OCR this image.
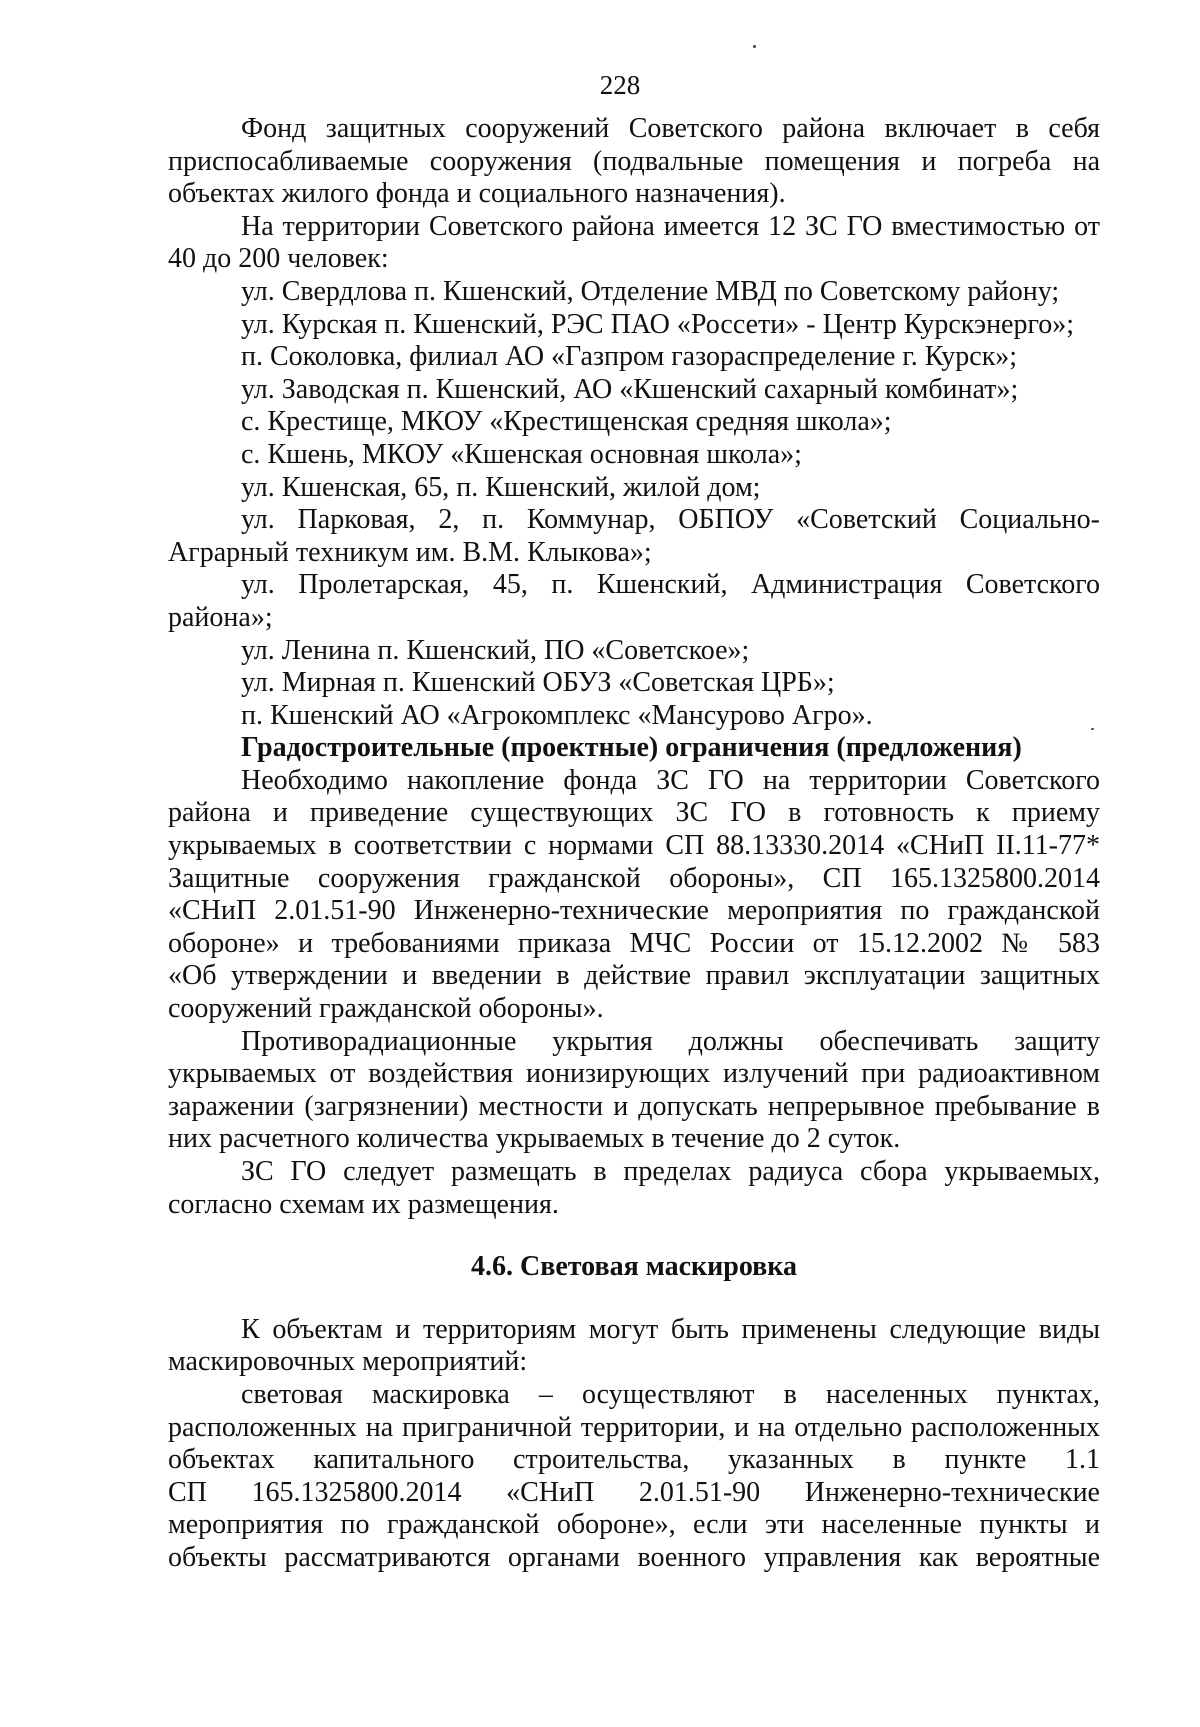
228
Фонд защитных сооружений Советского района включает в себя
приспосабливаемые сооружения (подвальные помещения и погреба на
объектах жилого фонда и социального назначения).
На территории Советского района имеется 12 ЗС ГО вместимостью от
40 до 200 человек:
ул. Свердлова п. Кшенский, Отделение МВД по Советскому району;
ул. Курская п. Кшенский, РЭС ПАО «Россети» - Центр Курскэнерго»;
п. Соколовка, филиал АО «Газпром газораспределение г. Курск»;
ул. Заводская п. Кшенский, АО «Кшенский сахарный комбинат»;
с. Крестище, МКОУ «Крестищенская средняя школа»;
с. Кшень, МКОУ «Кшенская основная школа»;
ул. Кшенская, 65, п. Кшенский, жилой дом;
ул. Парковая, 2, п. Коммунар, ОБПОУ «Советский Социально-
Аграрный техникум им. В.М. Клыкова»;
ул. Пролетарская, 45, п. Кшенский, Администрация Советского
района»;
ул. Ленина п. Кшенский, ПО «Советское»;
ул. Мирная п. Кшенский ОБУЗ «Советская ЦРБ»;
п. Кшенский АО «Агрокомплекс «Мансурово Агро».
Градостроительные (проектные) ограничения (предложения)
Необходимо накопление фонда ЗС ГО на территории Советского
района и приведение существующих ЗС ГО в готовность к приему
укрываемых в соответствии с нормами СП 88.13330.2014 «СНиП II.11-77*
Защитные сооружения гражданской обороны», СП 165.1325800.2014
«СНиП 2.01.51-90 Инженерно-технические мероприятия по гражданской
обороне» и требованиями приказа МЧС России от 15.12.2002 № 583
«Об утверждении и введении в действие правил эксплуатации защитных
сооружений гражданской обороны».
Противорадиационные укрытия должны обеспечивать защиту
укрываемых от воздействия ионизирующих излучений при радиоактивном
заражении (загрязнении) местности и допускать непрерывное пребывание в
них расчетного количества укрываемых в течение до 2 суток.
ЗС ГО следует размещать в пределах радиуса сбора укрываемых,
согласно схемам их размещения.
4.6. Световая маскировка
К объектам и территориям могут быть применены следующие виды
маскировочных мероприятий:
световая маскировка – осуществляют в населенных пунктах,
расположенных на приграничной территории, и на отдельно расположенных
объектах капитального строительства, указанных в пункте 1.1
СП 165.1325800.2014 «СНиП 2.01.51-90 Инженерно-технические
мероприятия по гражданской обороне», если эти населенные пункты и
объекты рассматриваются органами военного управления как вероятные
